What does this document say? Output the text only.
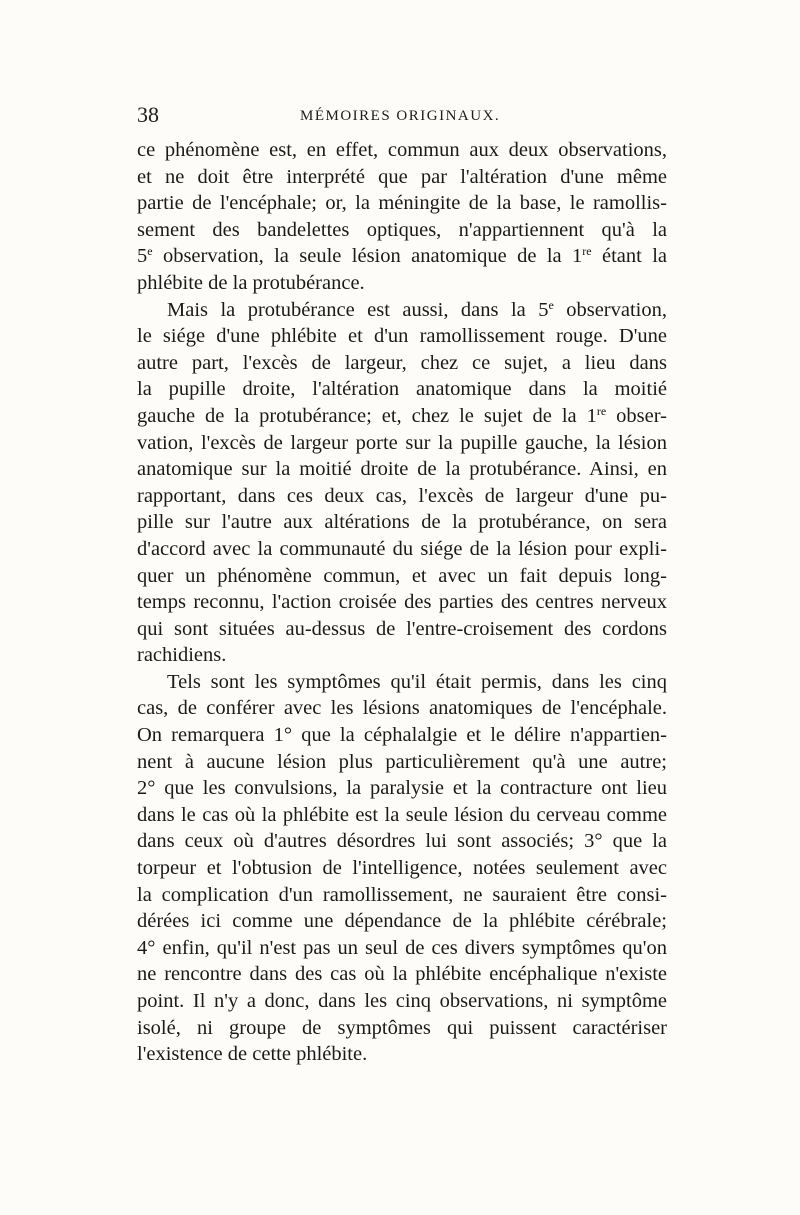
38	MÉMOIRES ORIGINAUX.
ce phénomène est, en effet, commun aux deux observations,
et ne doit être interprété que par l'altération d'une même
partie de l'encéphale; or, la méningite de la base, le ramollis-
sement des bandelettes optiques, n'appartiennent qu'à la
5e observation, la seule lésion anatomique de la 1re étant la
phlébite de la protubérance.
Mais la protubérance est aussi, dans la 5e observation,
le siége d'une phlébite et d'un ramollissement rouge. D'une
autre part, l'excès de largeur, chez ce sujet, a lieu dans
la pupille droite, l'altération anatomique dans la moitié
gauche de la protubérance; et, chez le sujet de la 1re obser-
vation, l'excès de largeur porte sur la pupille gauche, la lésion
anatomique sur la moitié droite de la protubérance. Ainsi, en
rapportant, dans ces deux cas, l'excès de largeur d'une pu-
pille sur l'autre aux altérations de la protubérance, on sera
d'accord avec la communauté du siége de la lésion pour expli-
quer un phénomène commun, et avec un fait depuis long-
temps reconnu, l'action croisée des parties des centres nerveux
qui sont situées au-dessus de l'entre-croisement des cordons
rachidiens.
Tels sont les symptômes qu'il était permis, dans les cinq
cas, de conférer avec les lésions anatomiques de l'encéphale.
On remarquera 1° que la céphalalgie et le délire n'appartien-
nent à aucune lésion plus particulièrement qu'à une autre;
2° que les convulsions, la paralysie et la contracture ont lieu
dans le cas où la phlébite est la seule lésion du cerveau comme
dans ceux où d'autres désordres lui sont associés; 3° que la
torpeur et l'obtusion de l'intelligence, notées seulement avec
la complication d'un ramollissement, ne sauraient être consi-
dérées ici comme une dépendance de la phlébite cérébrale;
4° enfin, qu'il n'est pas un seul de ces divers symptômes qu'on
ne rencontre dans des cas où la phlébite encéphalique n'existe
point. Il n'y a donc, dans les cinq observations, ni symptôme
isolé, ni groupe de symptômes qui puissent caractériser
l'existence de cette phlébite.
